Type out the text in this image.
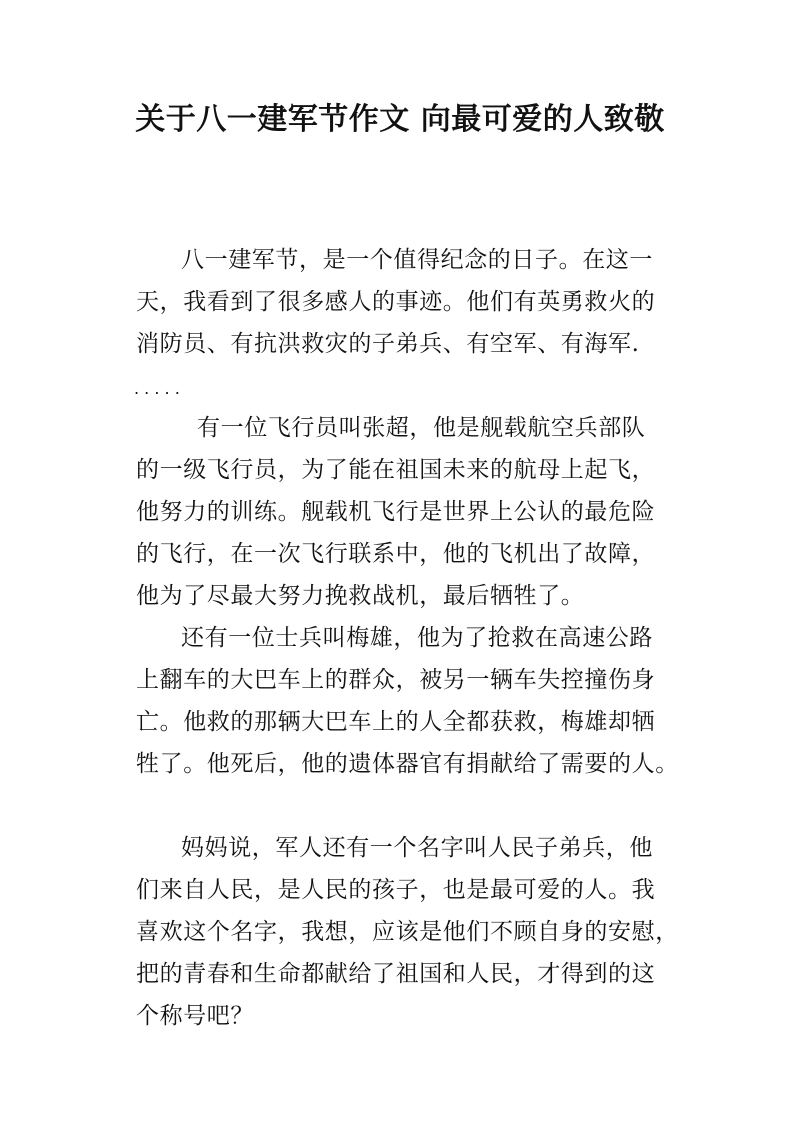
关于八一建军节作文 向最可爱的人致敬

八一建军节，是一个值得纪念的日子。在这一

天，我看到了很多感人的事迹。他们有英勇救火的

消防员、有抗洪救灾的子弟兵、有空军、有海军.

. . . . .

有一位飞行员叫张超，他是舰载航空兵部队

的一级飞行员，为了能在祖国未来的航母上起飞，

他努力的训练。舰载机飞行是世界上公认的最危险

的飞行，在一次飞行联系中，他的飞机出了故障，

他为了尽最大努力挽救战机，最后牺牲了。

还有一位士兵叫梅雄，他为了抢救在高速公路

上翻车的大巴车上的群众，被另一辆车失控撞伤身

亡。他救的那辆大巴车上的人全都获救，梅雄却牺

牲了。他死后，他的遗体器官有捐献给了需要的人。

妈妈说，军人还有一个名字叫人民子弟兵，他

们来自人民，是人民的孩子，也是最可爱的人。我

喜欢这个名字，我想，应该是他们不顾自身的安慰，

把的青春和生命都献给了祖国和人民，才得到的这

个称号吧？
